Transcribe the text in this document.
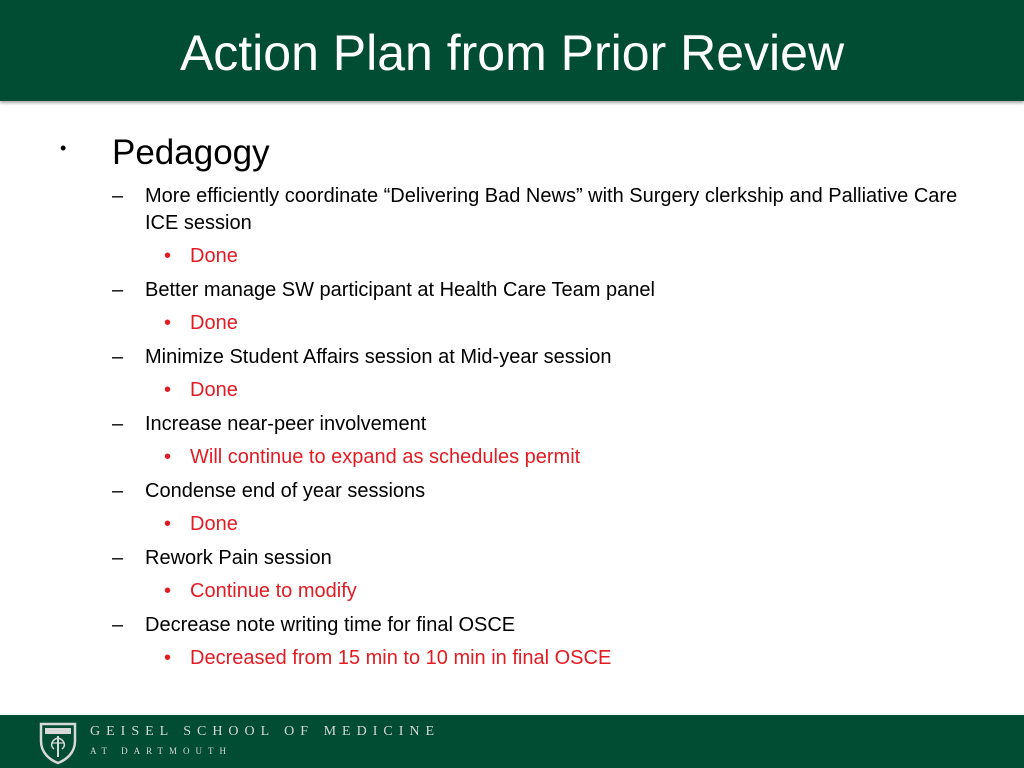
Action Plan from Prior Review
• Pedagogy
– More efficiently coordinate “Delivering Bad News” with Surgery clerkship and Palliative Care ICE session
• Done
– Better manage SW participant at Health Care Team panel
• Done
– Minimize Student Affairs session at Mid-year session
• Done
– Increase near-peer involvement
• Will continue to expand as schedules permit
– Condense end of year sessions
• Done
– Rework Pain session
• Continue to modify
– Decrease note writing time for final OSCE
• Decreased from 15 min to 10 min in final OSCE
GEISEL SCHOOL OF MEDICINE
AT DARTMOUTH
